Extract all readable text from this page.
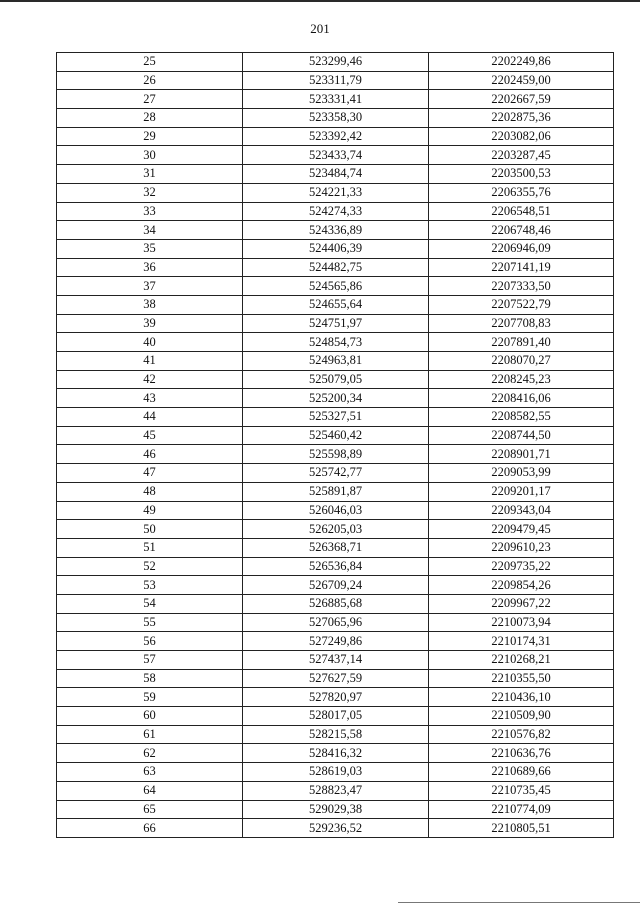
201
25	523299,46	2202249,86
26	523311,79	2202459,00
27	523331,41	2202667,59
28	523358,30	2202875,36
29	523392,42	2203082,06
30	523433,74	2203287,45
31	523484,74	2203500,53
32	524221,33	2206355,76
33	524274,33	2206548,51
34	524336,89	2206748,46
35	524406,39	2206946,09
36	524482,75	2207141,19
37	524565,86	2207333,50
38	524655,64	2207522,79
39	524751,97	2207708,83
40	524854,73	2207891,40
41	524963,81	2208070,27
42	525079,05	2208245,23
43	525200,34	2208416,06
44	525327,51	2208582,55
45	525460,42	2208744,50
46	525598,89	2208901,71
47	525742,77	2209053,99
48	525891,87	2209201,17
49	526046,03	2209343,04
50	526205,03	2209479,45
51	526368,71	2209610,23
52	526536,84	2209735,22
53	526709,24	2209854,26
54	526885,68	2209967,22
55	527065,96	2210073,94
56	527249,86	2210174,31
57	527437,14	2210268,21
58	527627,59	2210355,50
59	527820,97	2210436,10
60	528017,05	2210509,90
61	528215,58	2210576,82
62	528416,32	2210636,76
63	528619,03	2210689,66
64	528823,47	2210735,45
65	529029,38	2210774,09
66	529236,52	2210805,51
